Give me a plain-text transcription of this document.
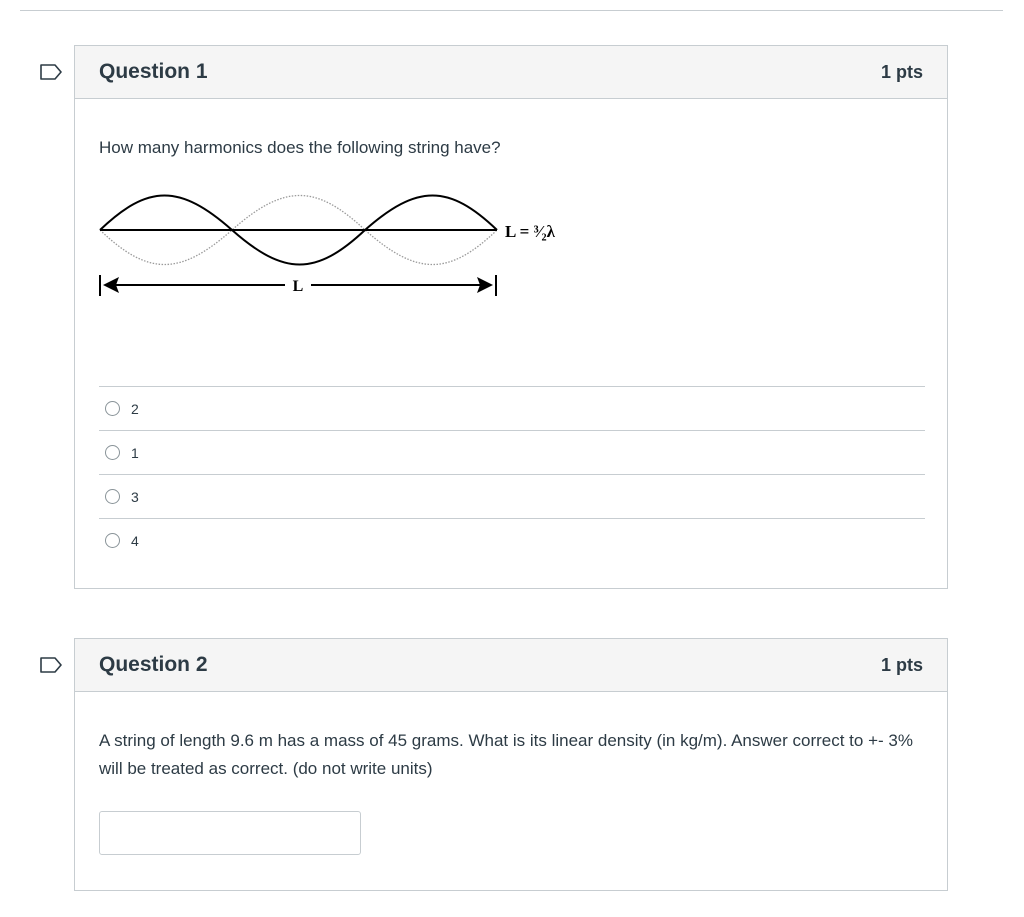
Question 1	1 pts
How many harmonics does the following string have?
L = ³⁄₂λ
L
2
1
3
4
Question 2	1 pts
A string of length 9.6 m has a mass of 45 grams. What is its linear density (in kg/m). Answer correct to +- 3% will be treated as correct. (do not write units)
